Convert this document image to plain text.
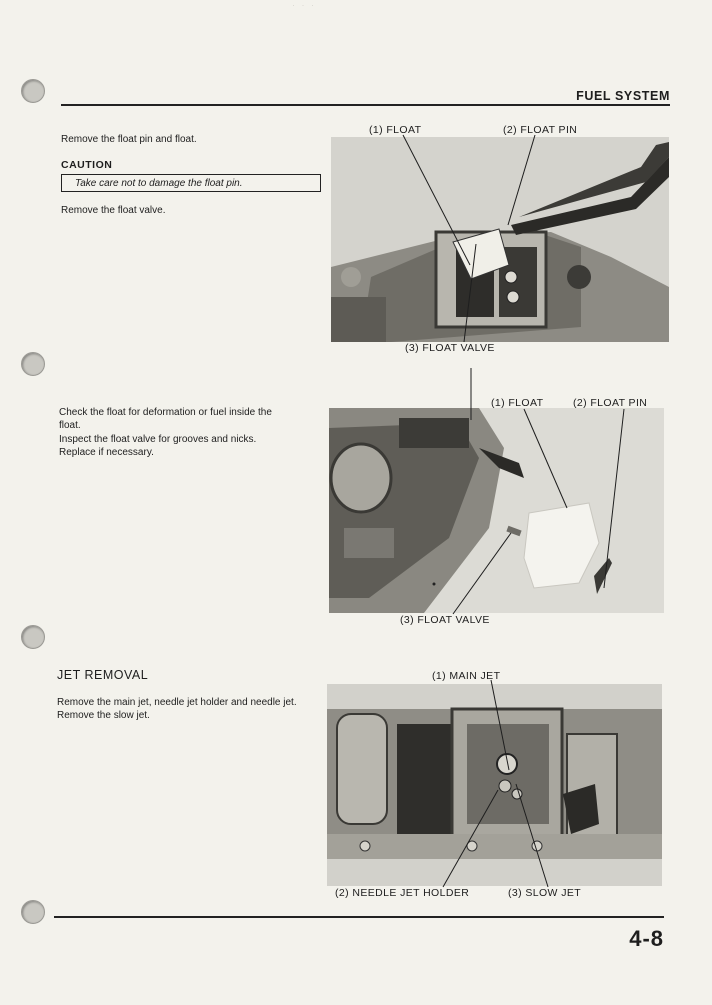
· · ·
FUEL SYSTEM
Remove the float pin and float.
CAUTION
Take care not to damage the float pin.
Remove the float valve.
(1) FLOAT	(2) FLOAT PIN
(3) FLOAT VALVE
Check the float for deformation or fuel inside the
float.
Inspect the float valve for grooves and nicks.
Replace if necessary.
(1) FLOAT	(2) FLOAT PIN
(3) FLOAT VALVE
JET REMOVAL
Remove the main jet, needle jet holder and needle jet.
Remove the slow jet.
(1) MAIN JET
(2) NEEDLE JET HOLDER	(3) SLOW JET
4-8
